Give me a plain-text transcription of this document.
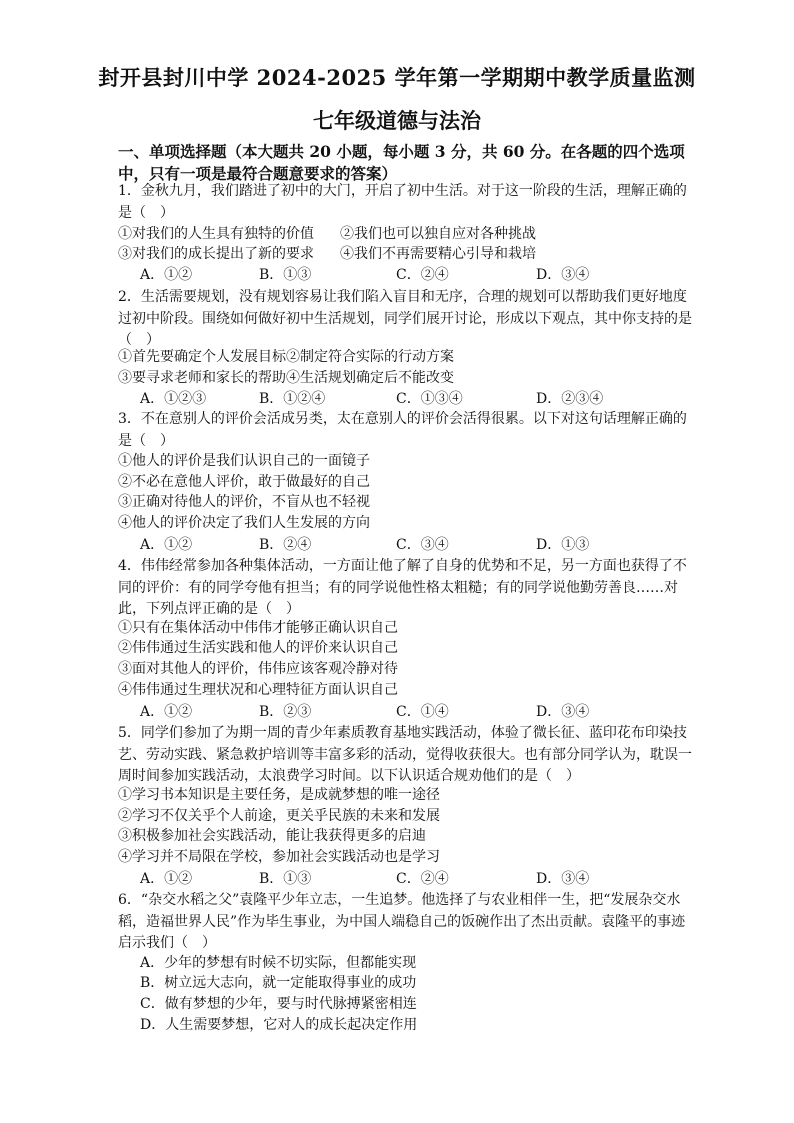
封开县封川中学 2024-2025 学年第一学期期中教学质量监测
七年级道德与法治
一、单项选择题（本大题共 20 小题，每小题 3 分，共 60 分。在各题的四个选项中，只有一项是最符合题意要求的答案）
1．金秋九月，我们踏进了初中的大门，开启了初中生活。对于这一阶段的生活，理解正确的是（　）
①对我们的人生具有独特的价值 ②我们也可以独自应对各种挑战
③对我们的成长提出了新的要求 ④我们不再需要精心引导和栽培
A．①②	B．①③	C．②④	D．③④
2．生活需要规划，没有规划容易让我们陷入盲目和无序，合理的规划可以帮助我们更好地度过初中阶段。围绕如何做好初中生活规划，同学们展开讨论，形成以下观点，其中你支持的是（　）
①首先要确定个人发展目标②制定符合实际的行动方案
③要寻求老师和家长的帮助④生活规划确定后不能改变
A．①②③	B．①②④	C．①③④	D．②③④
3．不在意别人的评价会活成另类，太在意别人的评价会活得很累。以下对这句话理解正确的是（　）
①他人的评价是我们认识自己的一面镜子
②不必在意他人评价，敢于做最好的自己
③正确对待他人的评价，不盲从也不轻视
④他人的评价决定了我们人生发展的方向
A．①②	B．②④	C．③④	D．①③
4．伟伟经常参加各种集体活动，一方面让他了解了自身的优势和不足，另一方面也获得了不同的评价：有的同学夸他有担当；有的同学说他性格太粗糙；有的同学说他勤劳善良……对此，下列点评正确的是（　）
①只有在集体活动中伟伟才能够正确认识自己
②伟伟通过生活实践和他人的评价来认识自己
③面对其他人的评价，伟伟应该客观冷静对待
④伟伟通过生理状况和心理特征方面认识自己
A．①②	B．②③	C．①④	D．③④
5．同学们参加了为期一周的青少年素质教育基地实践活动，体验了微长征、蓝印花布印染技艺、劳动实践、紧急救护培训等丰富多彩的活动，觉得收获很大。也有部分同学认为，耽误一周时间参加实践活动，太浪费学习时间。以下认识适合规劝他们的是（　）
①学习书本知识是主要任务，是成就梦想的唯一途径
②学习不仅关乎个人前途，更关乎民族的未来和发展
③积极参加社会实践活动，能让我获得更多的启迪
④学习并不局限在学校，参加社会实践活动也是学习
A．①②	B．①③	C．②④	D．③④
6．“杂交水稻之父”袁隆平少年立志，一生追梦。他选择了与农业相伴一生，把“发展杂交水稻，造福世界人民”作为毕生事业，为中国人端稳自己的饭碗作出了杰出贡献。袁隆平的事迹启示我们（　）
A．少年的梦想有时候不切实际，但都能实现
B．树立远大志向，就一定能取得事业的成功
C．做有梦想的少年，要与时代脉搏紧密相连
D．人生需要梦想，它对人的成长起决定作用
